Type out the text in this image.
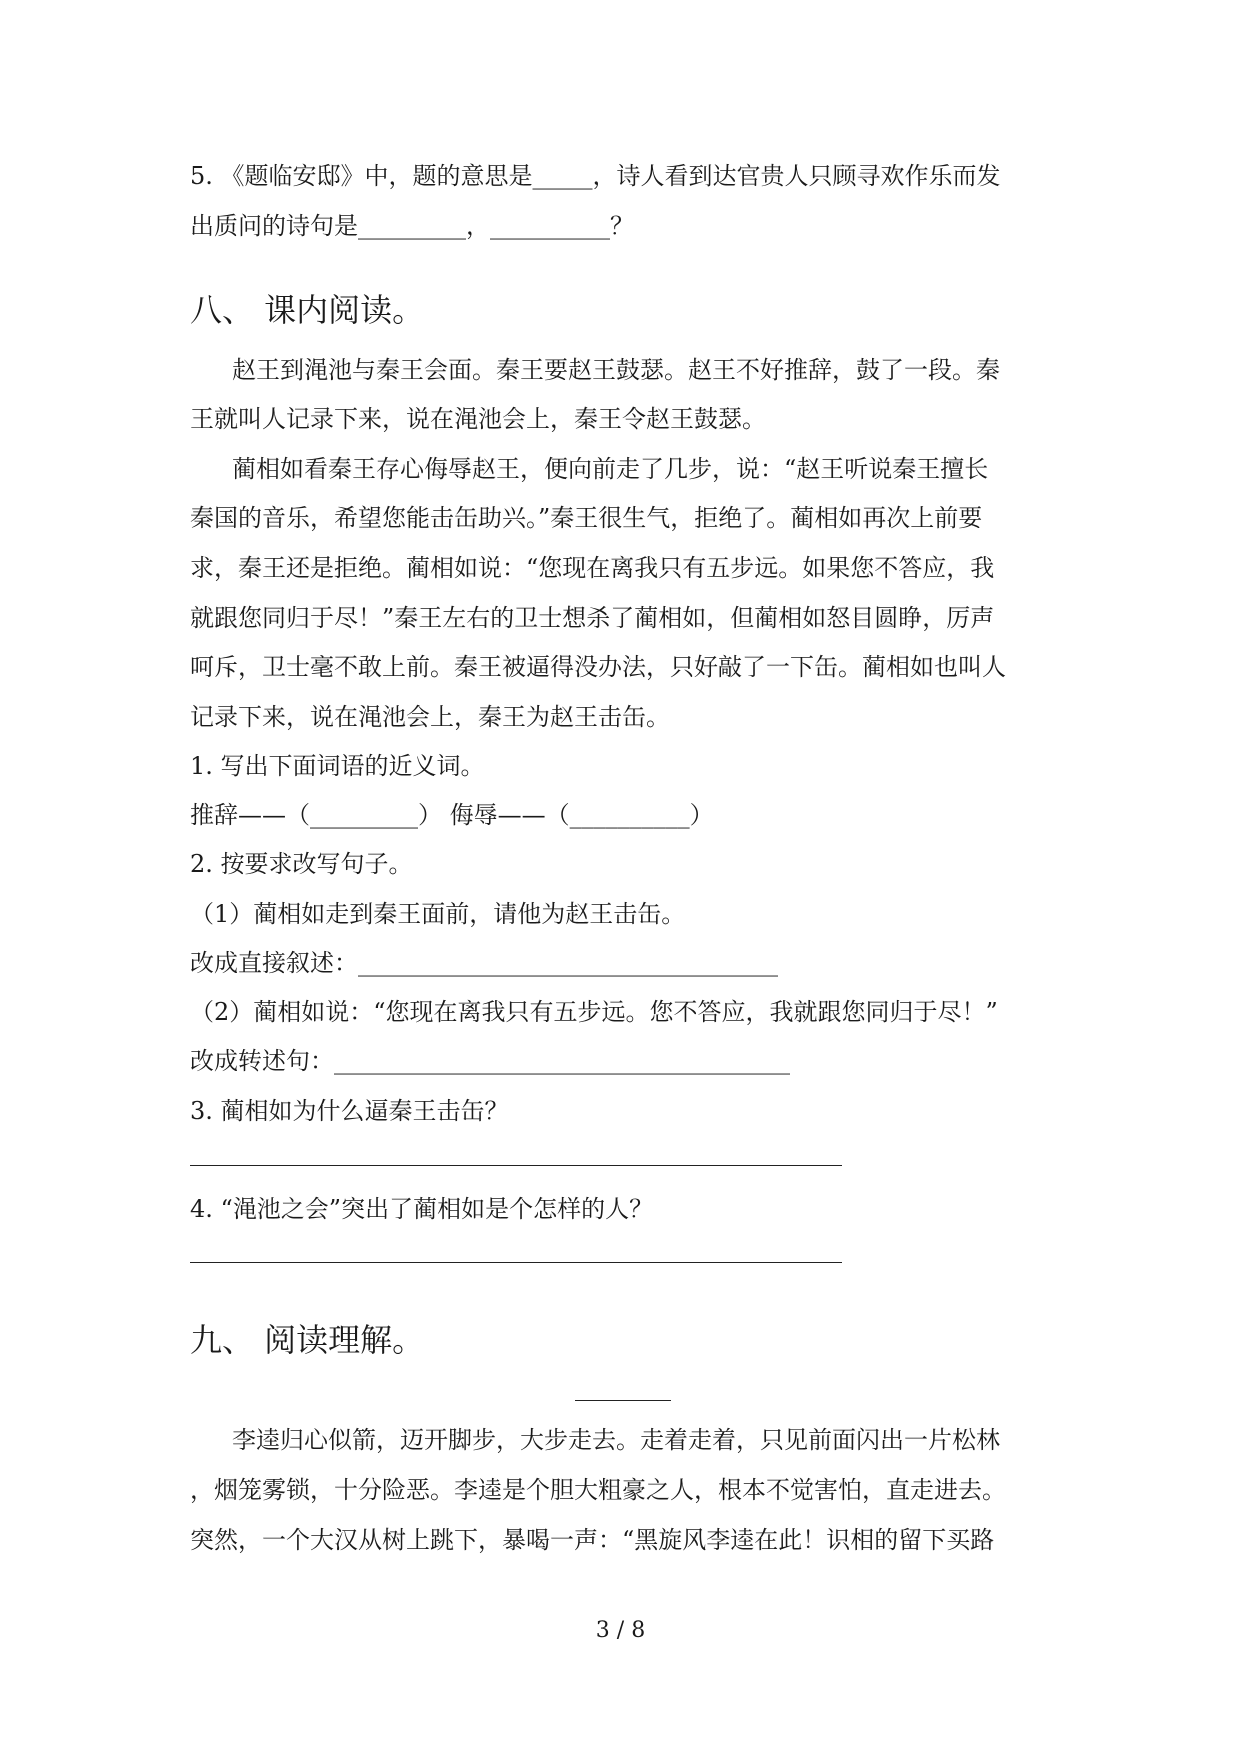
5. 《题临安邸》中，题的意思是_____，诗人看到达官贵人只顾寻欢作乐而发
出质问的诗句是_________，__________？
八、 课内阅读。
赵王到渑池与秦王会面。秦王要赵王鼓瑟。赵王不好推辞，鼓了一段。秦
王就叫人记录下来，说在渑池会上，秦王令赵王鼓瑟。
蔺相如看秦王存心侮辱赵王，便向前走了几步，说：“赵王听说秦王擅长
秦国的音乐，希望您能击缶助兴。”秦王很生气，拒绝了。蔺相如再次上前要
求，秦王还是拒绝。蔺相如说：“您现在离我只有五步远。如果您不答应，我
就跟您同归于尽！”秦王左右的卫士想杀了蔺相如，但蔺相如怒目圆睁，厉声
呵斥，卫士毫不敢上前。秦王被逼得没办法，只好敲了一下缶。蔺相如也叫人
记录下来，说在渑池会上，秦王为赵王击缶。
1. 写出下面词语的近义词。
推辞——（_________） 侮辱——（__________）
2. 按要求改写句子。
（1）蔺相如走到秦王面前，请他为赵王击缶。
改成直接叙述：___________________________________
（2）蔺相如说：“您现在离我只有五步远。您不答应，我就跟您同归于尽！”
改成转述句：______________________________________
3. 蔺相如为什么逼秦王击缶？
4. “渑池之会”突出了蔺相如是个怎样的人？
九、 阅读理解。
李逵归心似箭，迈开脚步，大步走去。走着走着，只见前面闪出一片松林
，烟笼雾锁，十分险恶。李逵是个胆大粗豪之人，根本不觉害怕，直走进去。
突然，一个大汉从树上跳下，暴喝一声：“黑旋风李逵在此！识相的留下买路
3 / 8
